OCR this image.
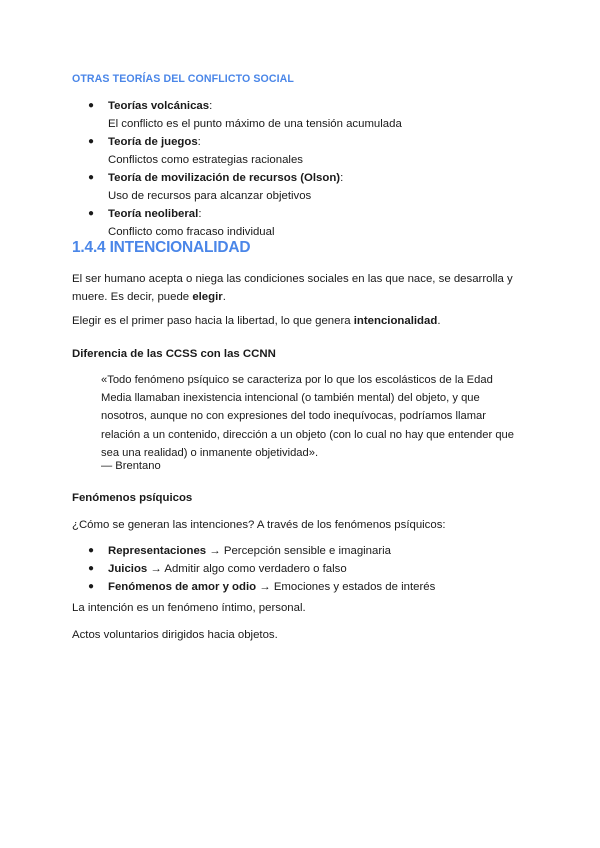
OTRAS TEORÍAS DEL CONFLICTO SOCIAL
● Teorías volcánicas:
El conflicto es el punto máximo de una tensión acumulada
● Teoría de juegos:
Conflictos como estrategias racionales
● Teoría de movilización de recursos (Olson):
Uso de recursos para alcanzar objetivos
● Teoría neoliberal:
Conflicto como fracaso individual
1.4.4 INTENCIONALIDAD
El ser humano acepta o niega las condiciones sociales en las que nace, se desarrolla y muere. Es decir, puede elegir.
Elegir es el primer paso hacia la libertad, lo que genera intencionalidad.
Diferencia de las CCSS con las CCNN
«Todo fenómeno psíquico se caracteriza por lo que los escolásticos de la Edad Media llamaban inexistencia intencional (o también mental) del objeto, y que nosotros, aunque no con expresiones del todo inequívocas, podríamos llamar relación a un contenido, dirección a un objeto (con lo cual no hay que entender que sea una realidad) o inmanente objetividad».
— Brentano
Fenómenos psíquicos
¿Cómo se generan las intenciones? A través de los fenómenos psíquicos:
● Representaciones → Percepción sensible e imaginaria
● Juicios → Admitir algo como verdadero o falso
● Fenómenos de amor y odio → Emociones y estados de interés
La intención es un fenómeno íntimo, personal.
Actos voluntarios dirigidos hacia objetos.
